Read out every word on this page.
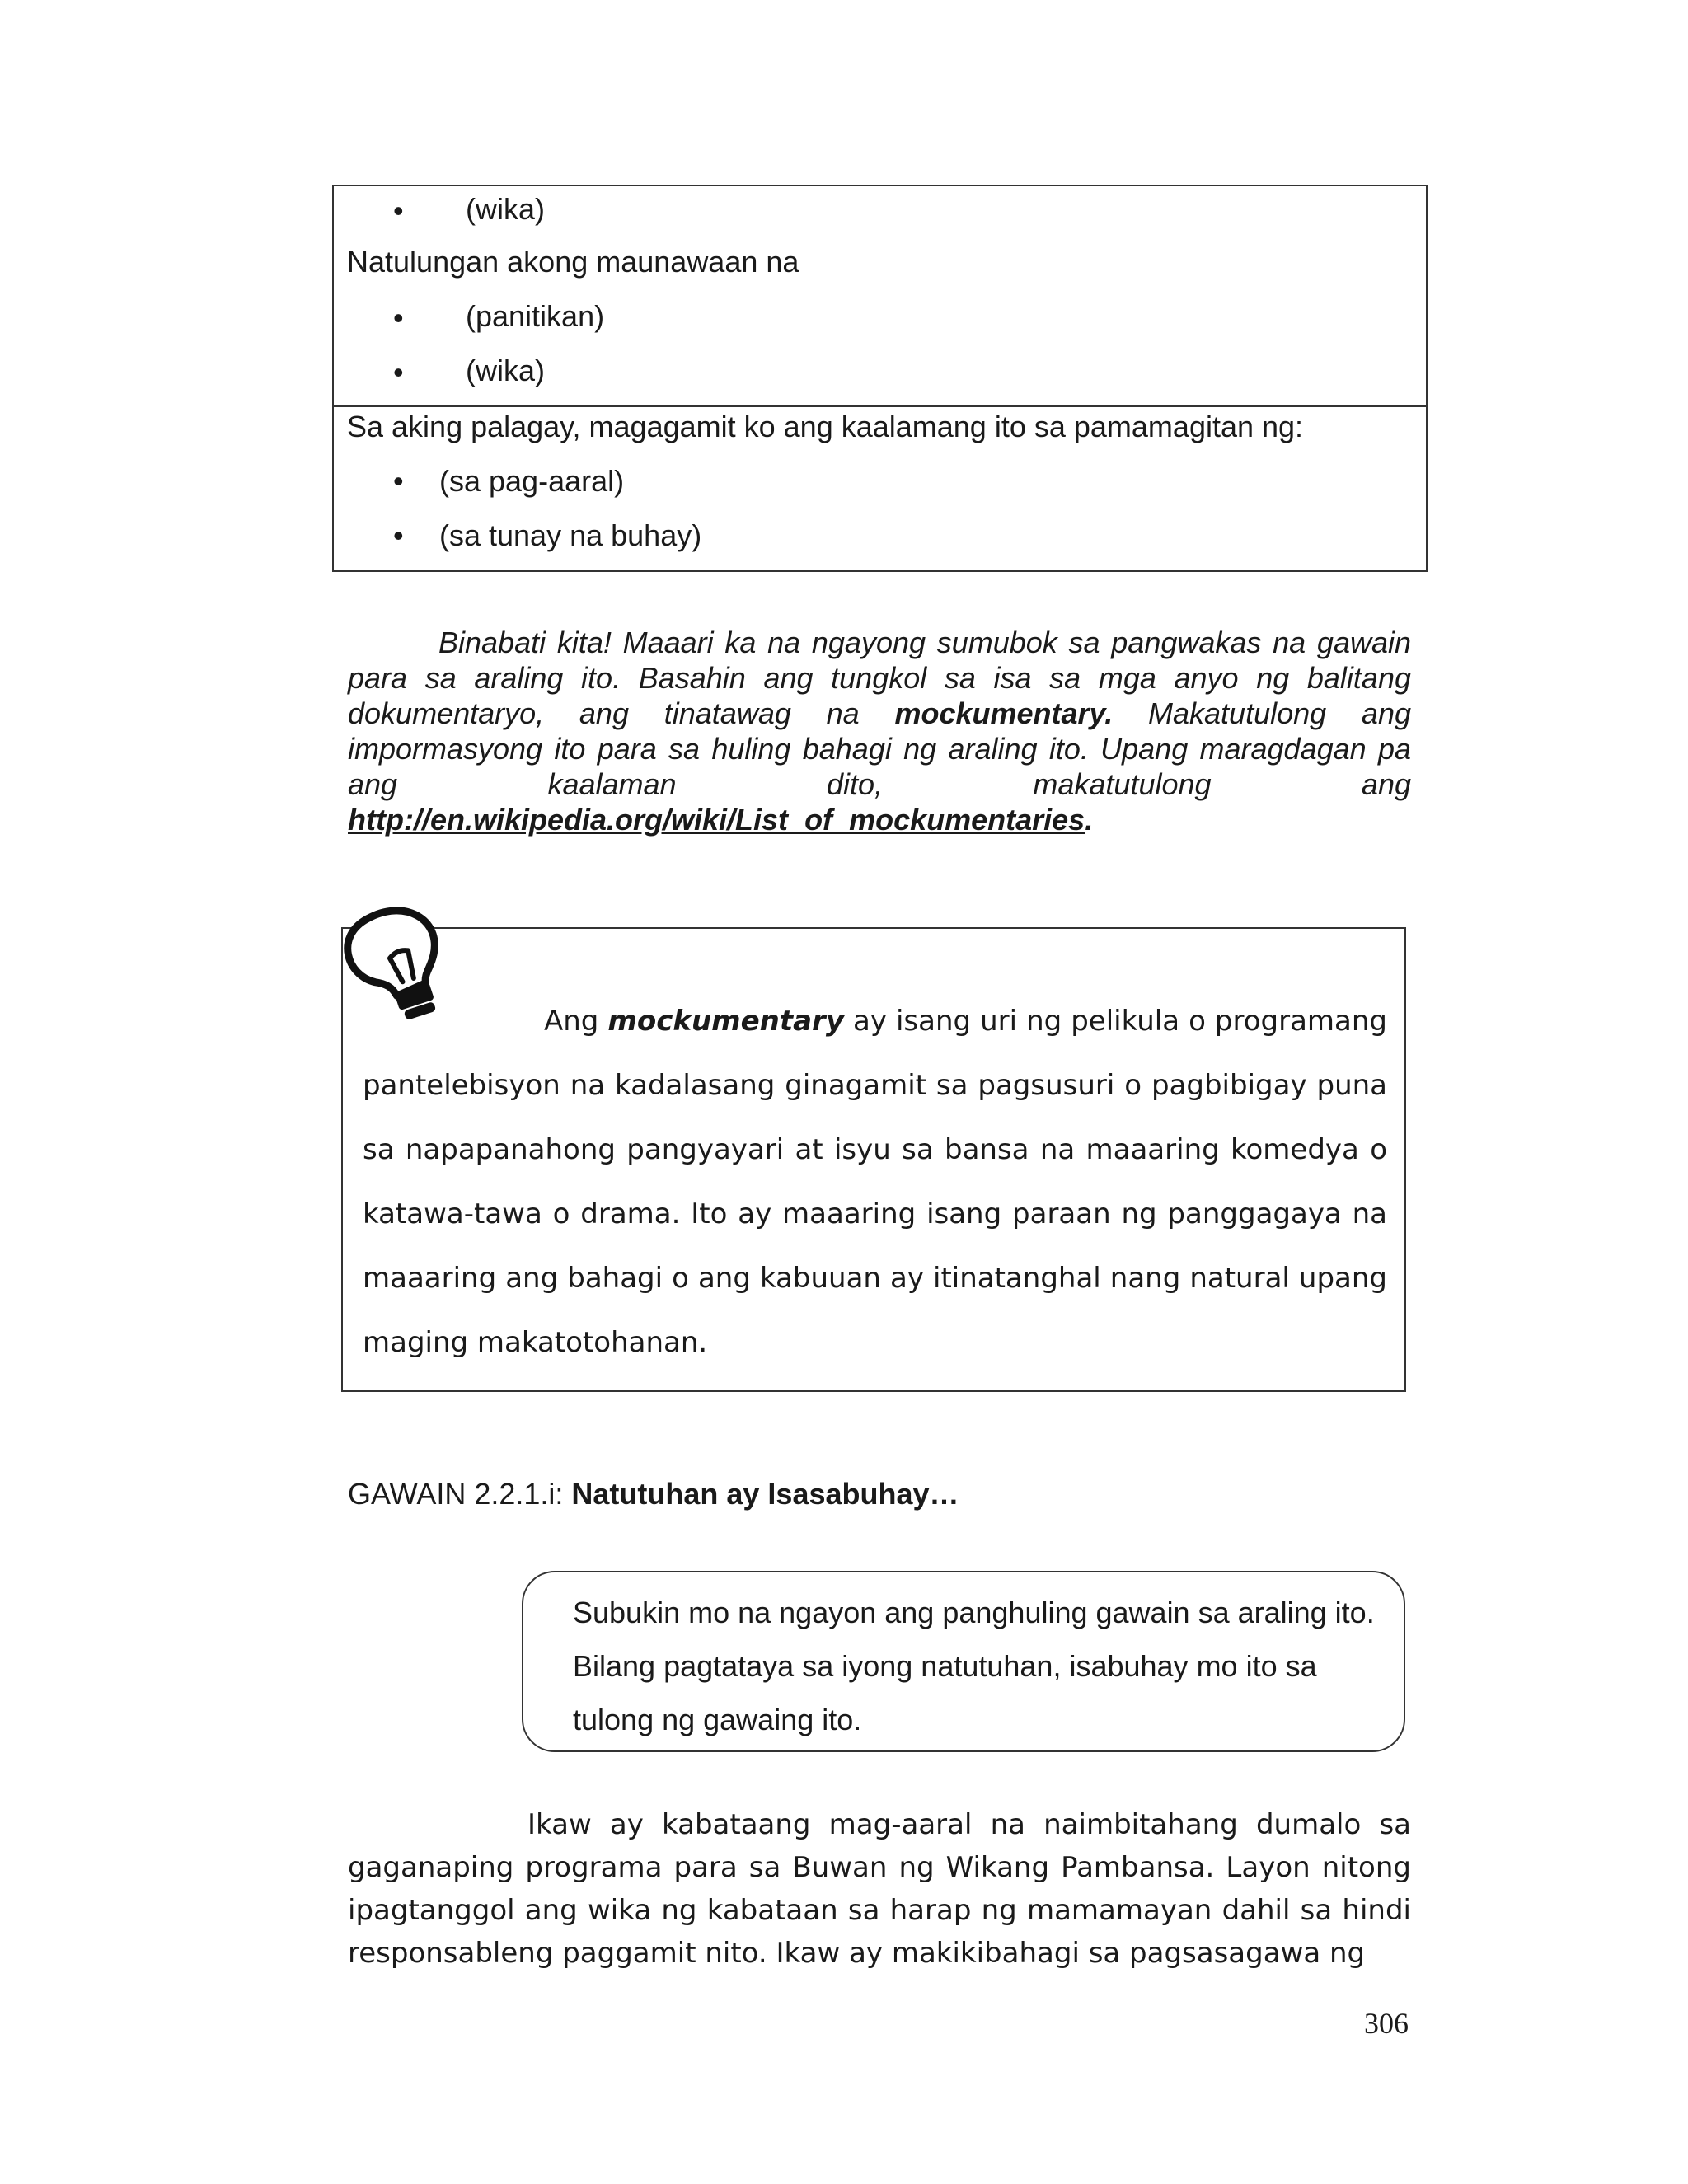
• (wika)
Natulungan akong maunawaan na
• (panitikan)
• (wika)
Sa aking palagay, magagamit ko ang kaalamang ito sa pamamagitan ng:
• (sa pag-aaral)
• (sa tunay na buhay)

Binabati kita! Maaari ka na ngayong sumubok sa pangwakas na gawain para sa araling ito. Basahin ang tungkol sa isa sa mga anyo ng balitang dokumentaryo, ang tinatawag na mockumentary. Makatutulong ang impormasyong ito para sa huling bahagi ng araling ito. Upang maragdagan pa ang kaalaman dito, makatutulong ang http://en.wikipedia.org/wiki/List_of_mockumentaries.

Ang mockumentary ay isang uri ng pelikula o programang pantelebisyon na kadalasang ginagamit sa pagsusuri o pagbibigay puna sa napapanahong pangyayari at isyu sa bansa na maaaring komedya o katawa-tawa o drama. Ito ay maaaring isang paraan ng panggagaya na maaaring ang bahagi o ang kabuuan ay itinatanghal nang natural upang maging makatotohanan.
GAWAIN 2.2.1.i: Natutuhan ay Isasabuhay…
Subukin mo na ngayon ang panghuling gawain sa araling ito. Bilang pagtataya sa iyong natutuhan, isabuhay mo ito sa tulong ng gawaing ito.
Ikaw ay kabataang mag-aaral na naimbitahang dumalo sa gaganaping programa para sa Buwan ng Wikang Pambansa. Layon nitong ipagtanggol ang wika ng kabataan sa harap ng mamamayan dahil sa hindi responsableng paggamit nito. Ikaw ay makikibahagi sa pagsasagawa ng
306
